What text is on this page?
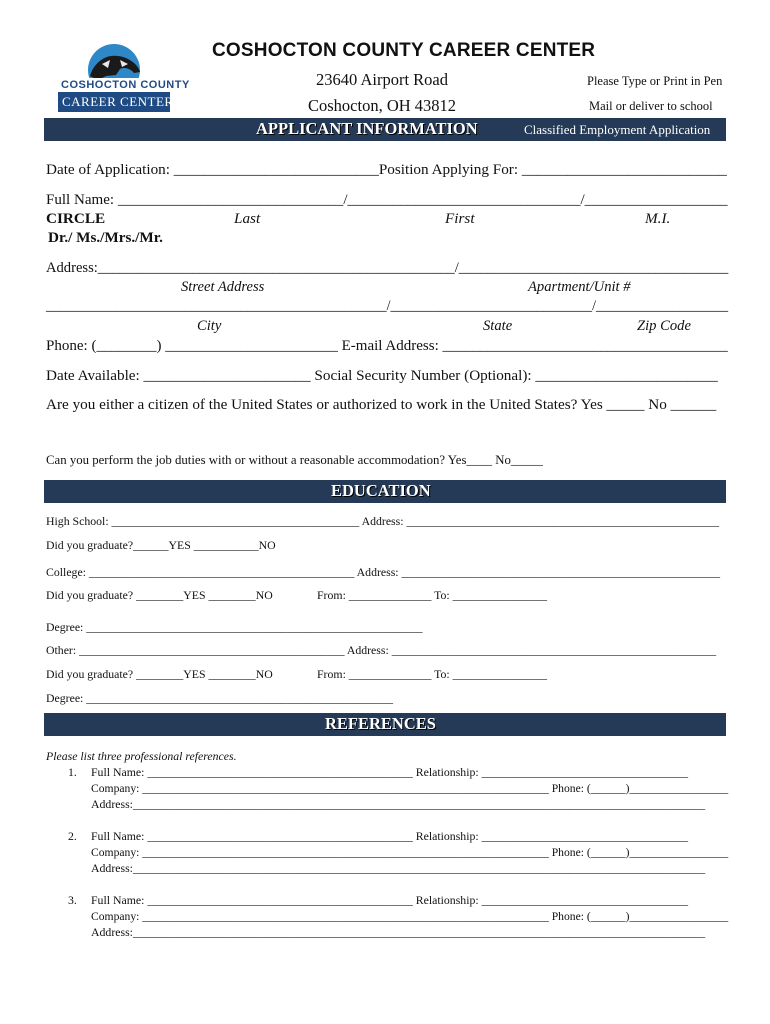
COSHOCTON COUNTY
CAREER CENTER
COSHOCTON COUNTY CAREER CENTER
23640 Airport Road
Coshocton, OH 43812
Please Type or Print in Pen
Mail or deliver to school
APPLICANT INFORMATION	Classified Employment Application
Date of Application: ___________________________Position Applying For: ___________________________
Full Name: ______________________________/_______________________________/___________________
CIRCLE	Last	First	M.I.
Dr./ Ms./Mrs./Mr.
Address:_________________________________________________/_____________________________________
Street Address	Apartment/Unit #
_________________________________________________/_____________________________/___________________
City	State	Zip Code
Phone: (________) _______________________ E-mail Address: ______________________________________
Date Available: ______________________ Social Security Number (Optional): ________________________
Are you either a citizen of the United States or authorized to work in the United States? Yes _____ No ______
Can you perform the job duties with or without a reasonable accommodation? Yes____ No_____
EDUCATION
High School: __________________________________________ Address: _____________________________________________________
Did you graduate?______YES ___________NO
College: _____________________________________________ Address: ______________________________________________________
Did you graduate? ________YES ________NO	From: ______________ To: ________________
Degree: _________________________________________________________
Other: _____________________________________________ Address: _______________________________________________________
Did you graduate? ________YES ________NO	From: ______________ To: ________________
Degree: ____________________________________________________
REFERENCES
Please list three professional references.
1. Full Name: _____________________________________________ Relationship: ___________________________________
Company: ______________________________________________________________________ Phone: (______)_________________
Address:_________________________________________________________________________________________________
2. Full Name: _____________________________________________ Relationship: ___________________________________
Company: ______________________________________________________________________ Phone: (______)_________________
Address:_________________________________________________________________________________________________
3. Full Name: _____________________________________________ Relationship: ___________________________________
Company: ______________________________________________________________________ Phone: (______)_________________
Address:_________________________________________________________________________________________________
